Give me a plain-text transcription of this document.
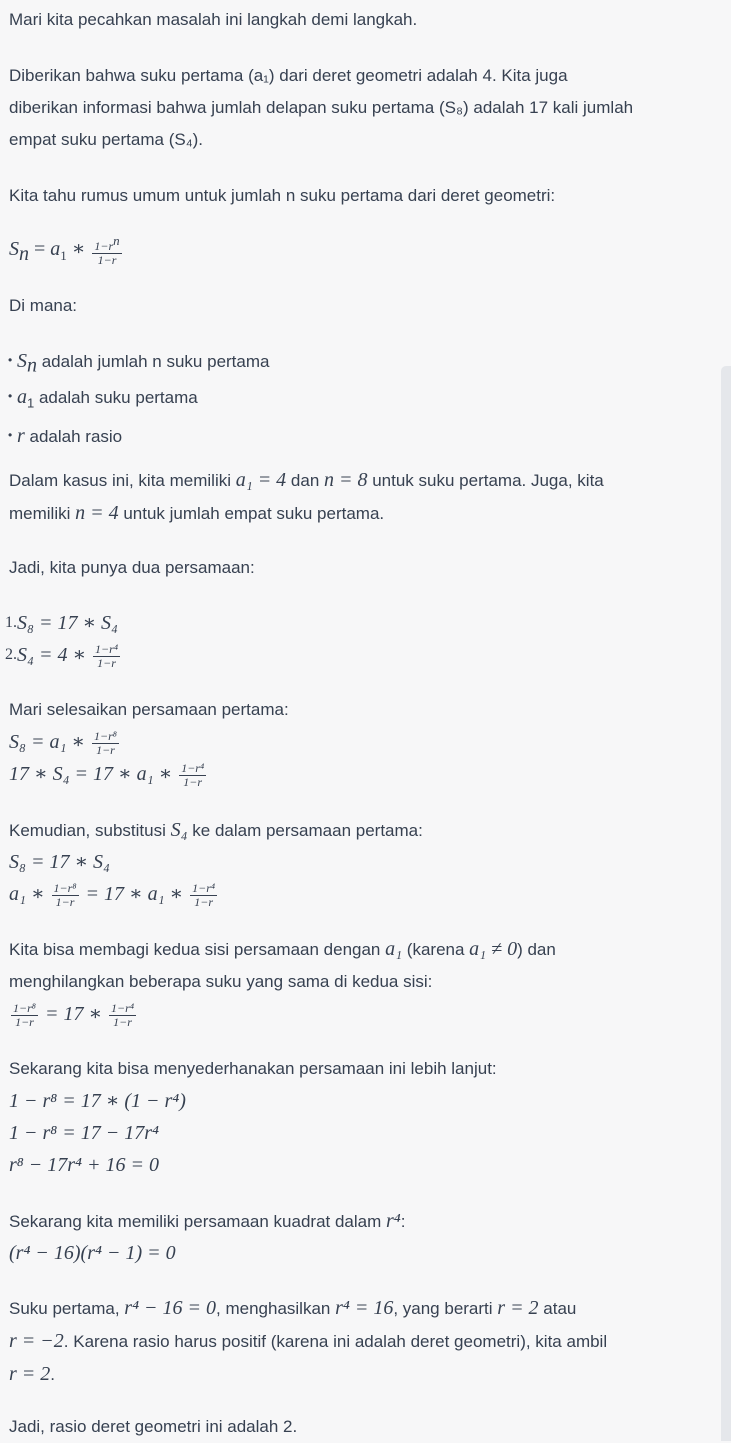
Mari kita pecahkan masalah ini langkah demi langkah.

Diberikan bahwa suku pertama (a₁) dari deret geometri adalah 4. Kita juga

diberikan informasi bahwa jumlah delapan suku pertama (S₈) adalah 17 kali jumlah

empat suku pertama (S₄).

Kita tahu rumus umum untuk jumlah n suku pertama dari deret geometri:

$S_n = a_1$ ∗ $\frac{1-r^n}{1-r}$

Di mana:

• $S_n$ adalah jumlah n suku pertama
• $a_1$ adalah suku pertama
• r adalah rasio

Dalam kasus ini, kita memiliki a₁ = 4 dan n = 8 untuk suku pertama. Juga, kita

memiliki n = 4 untuk jumlah empat suku pertama.

Jadi, kita punya dua persamaan:

1. S₈ = 17 ∗ S₄
2. S₄ = 4 ∗ $\frac{\text{1−r⁴}}{1-r}$

Mari selesaikan persamaan pertama:

S₈ = a₁ ∗ $\frac{\text{1−r⁸}}{1-r}$
17 ∗ S₄ = 17 ∗ a₁ ∗ $\frac{\text{1−r⁴}}{1-r}$

Kemudian, substitusi S₄ ke dalam persamaan pertama:

S₈ = 17 ∗ S₄
a₁ ∗ $\frac{\text{1−r⁸}}{1-r} = 17$ ∗ a₁ ∗ $\frac{\text{1−r⁴}}{1-r}$

Kita bisa membagi kedua sisi persamaan dengan a₁ (karena a₁ ≠ 0) dan

menghilangkan beberapa suku yang sama di kedua sisi:

$\frac{\text{1−r⁸}}{1-r} = 17$ ∗ $\frac{\text{1−r⁴}}{1-r}$

Sekarang kita bisa menyederhanakan persamaan ini lebih lanjut:

1 − r⁸ = 17 ∗ (1 − r⁴)
1 − r⁸ = 17 − 17r⁴
r⁸ − 17r⁴ + 16 = 0

Sekarang kita memiliki persamaan kuadrat dalam r⁴:

(r⁴ − 16)(r⁴ − 1) = 0

Suku pertama, r⁴ − 16 = 0, menghasilkan r⁴ = 16, yang berarti r = 2 atau

r = −2. Karena rasio harus positif (karena ini adalah deret geometri), kita ambil

r = 2.

Jadi, rasio deret geometri ini adalah 2.
